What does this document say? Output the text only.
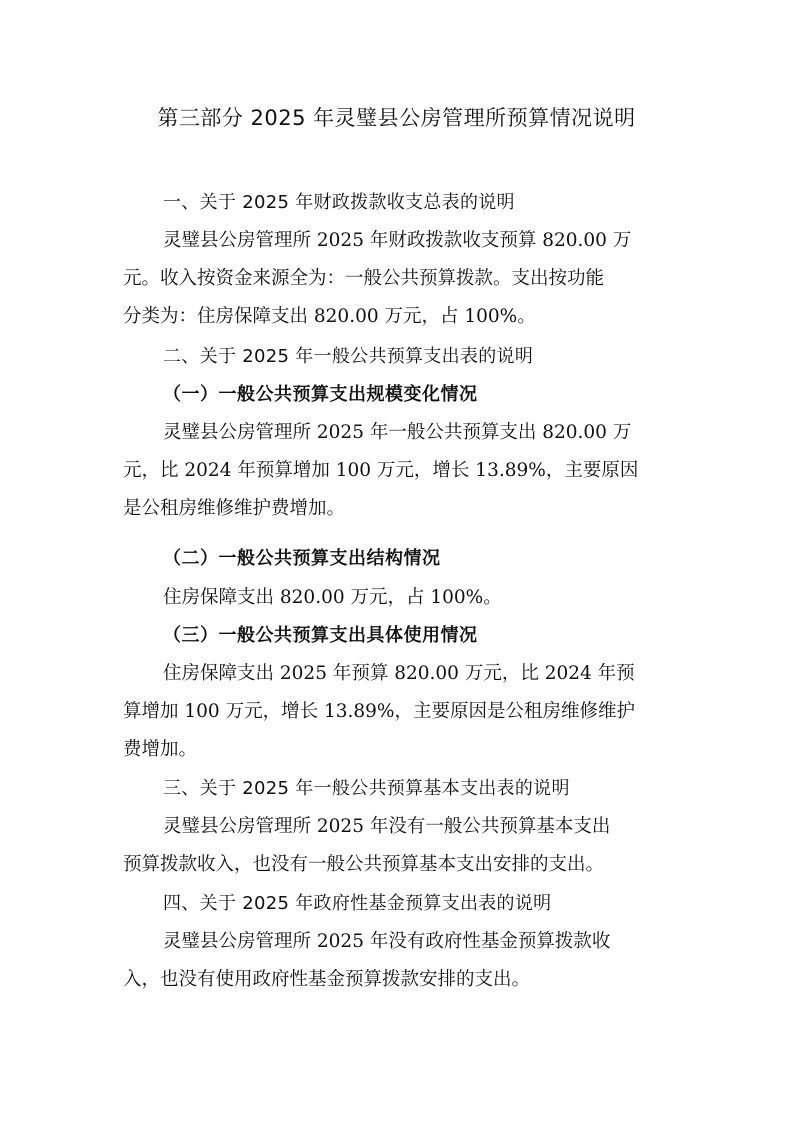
第三部分 2025 年灵璧县公房管理所预算情况说明
一、关于 2025 年财政拨款收支总表的说明
灵璧县公房管理所 2025 年财政拨款收支预算 820.00 万
元。收入按资金来源全为：一般公共预算拨款。支出按功能
分类为：住房保障支出 820.00 万元，占 100%。
二、关于 2025 年一般公共预算支出表的说明
（一）一般公共预算支出规模变化情况
灵璧县公房管理所 2025 年一般公共预算支出 820.00 万
元，比 2024 年预算增加 100 万元，增长 13.89%，主要原因
是公租房维修维护费增加。
（二）一般公共预算支出结构情况
住房保障支出 820.00 万元，占 100%。
（三）一般公共预算支出具体使用情况
住房保障支出 2025 年预算 820.00 万元，比 2024 年预
算增加 100 万元，增长 13.89%，主要原因是公租房维修维护
费增加。
三、关于 2025 年一般公共预算基本支出表的说明
灵璧县公房管理所 2025 年没有一般公共预算基本支出
预算拨款收入，也没有一般公共预算基本支出安排的支出。
四、关于 2025 年政府性基金预算支出表的说明
灵璧县公房管理所 2025 年没有政府性基金预算拨款收
入，也没有使用政府性基金预算拨款安排的支出。
